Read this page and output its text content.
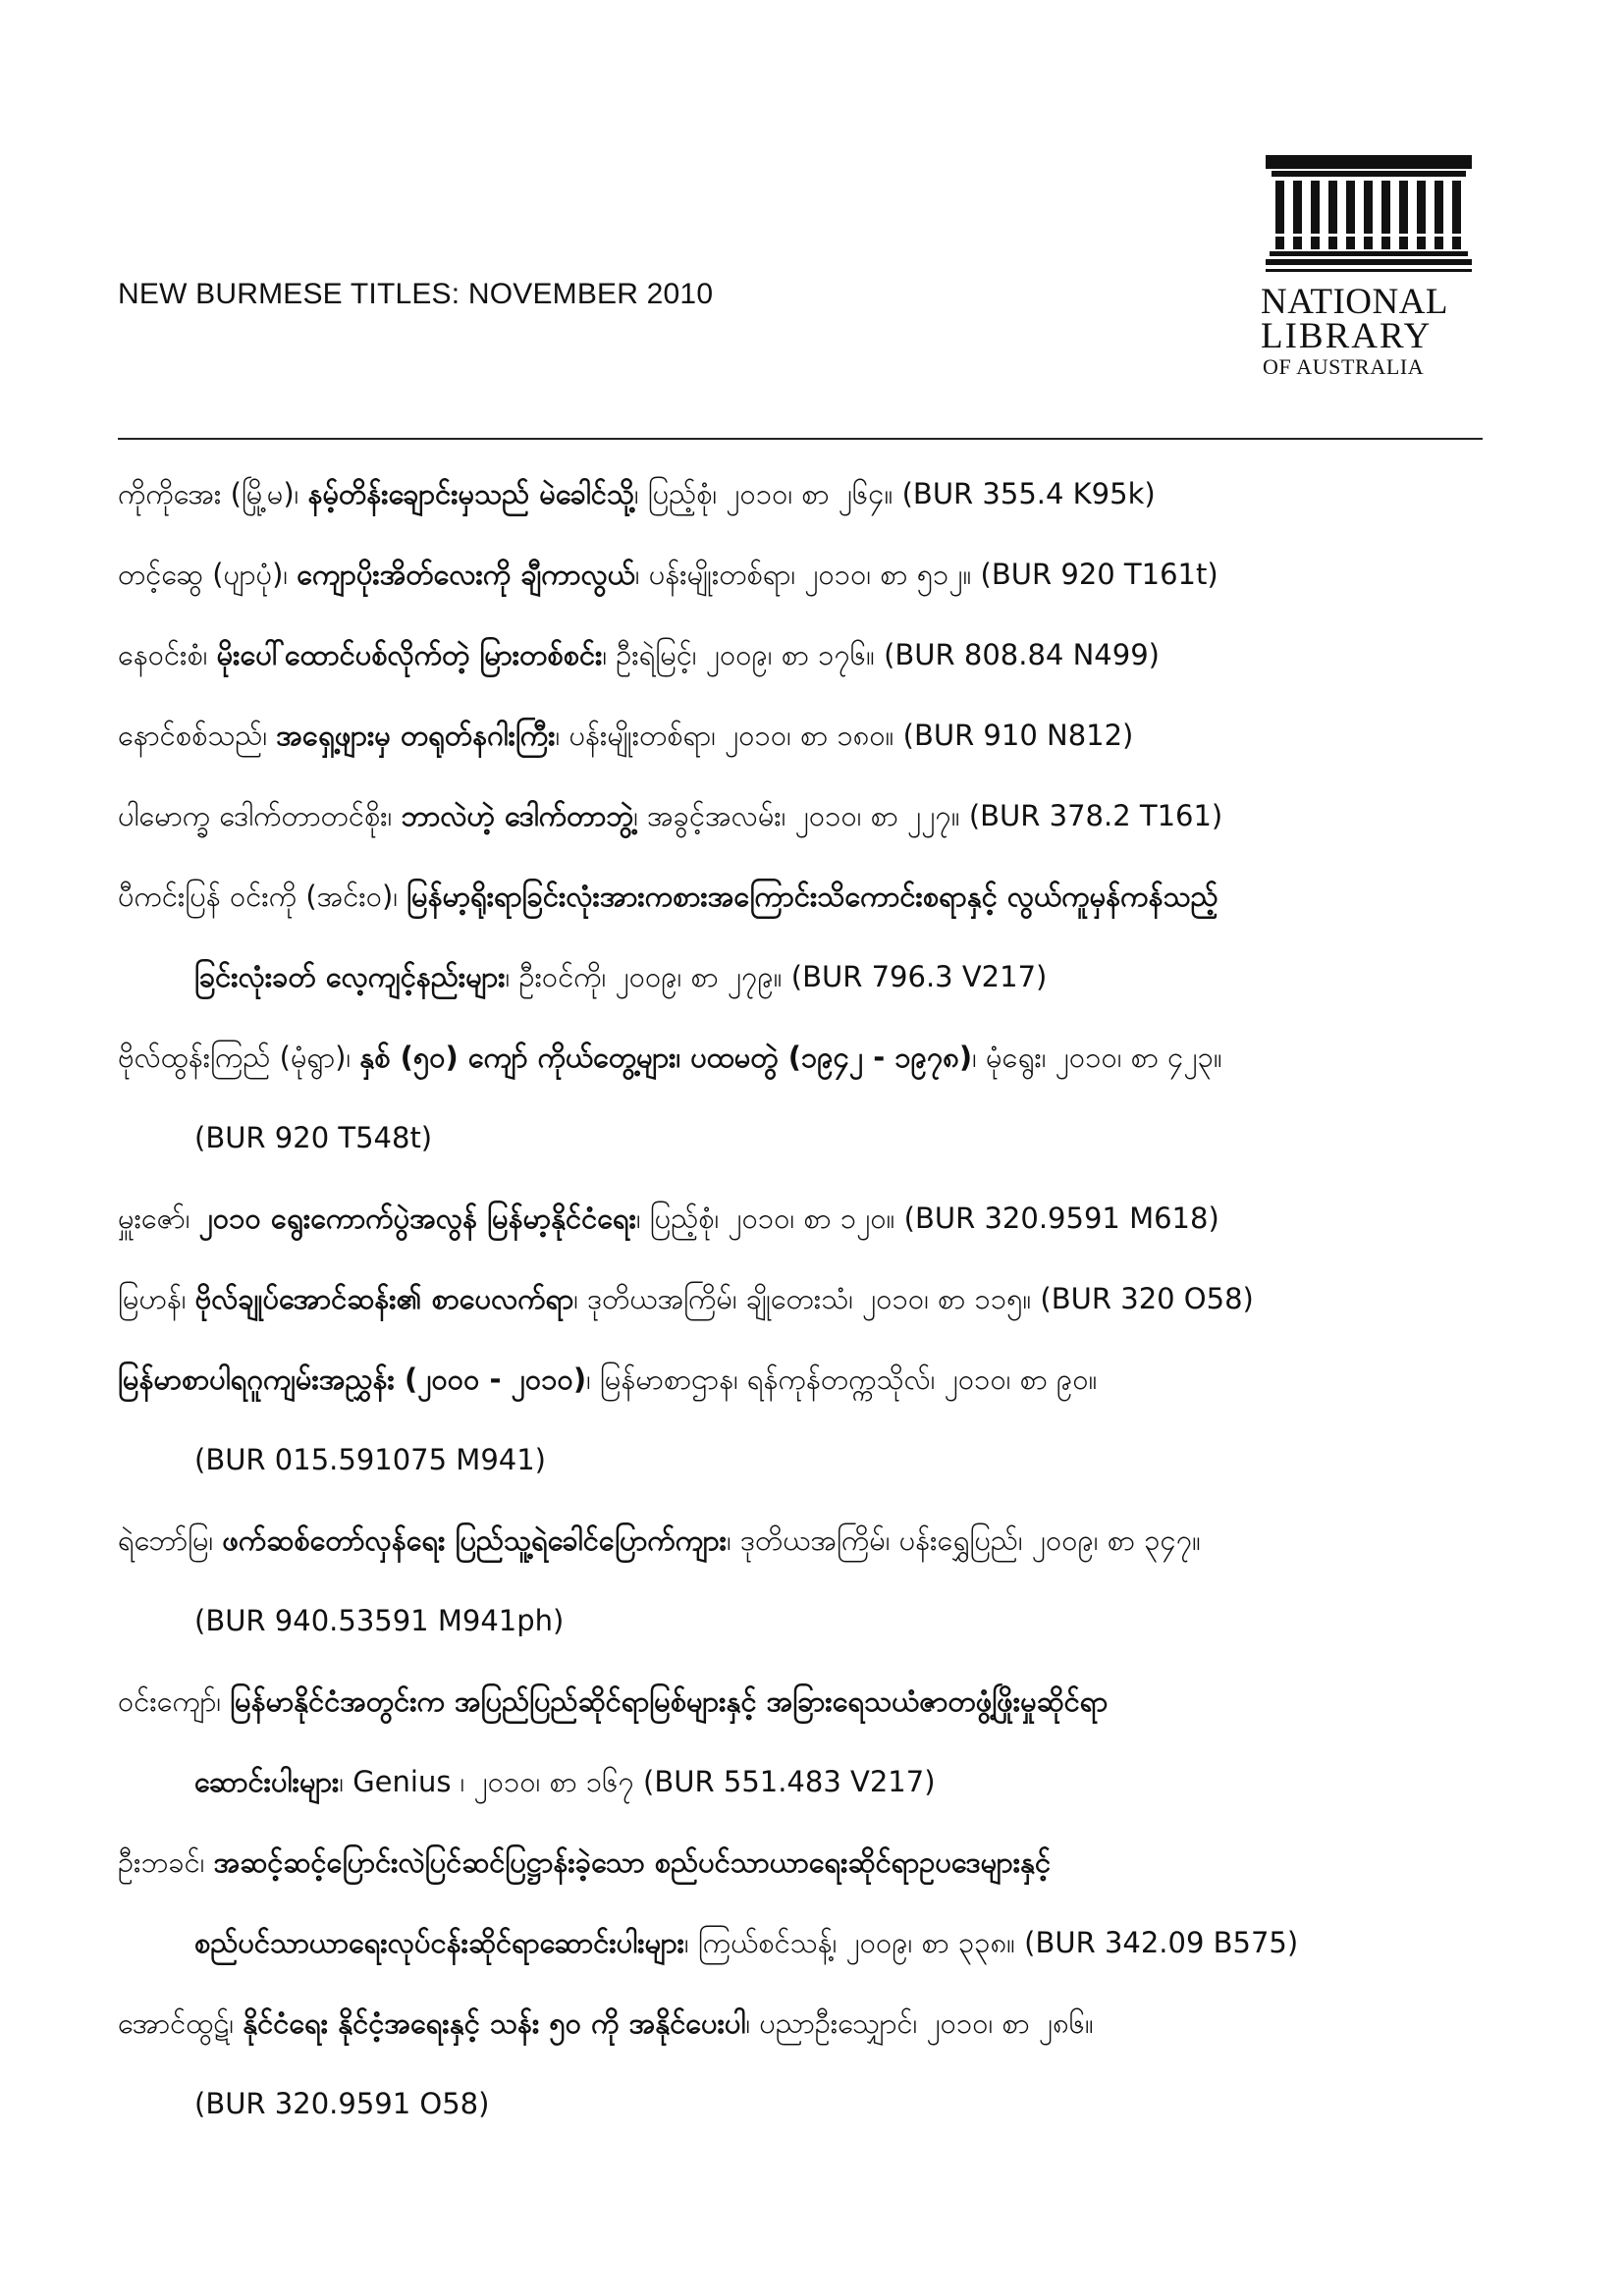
NEW BURMESE TITLES: NOVEMBER 2010	NATIONAL
LIBRARY
OF AUSTRALIA
ကိုကိုအေး (မြို့မ)၊ နမ့်တိန်းချောင်းမှသည် မဲခေါင်သို့၊ ပြည့်စုံ၊ ၂၀၁၀၊ စာ ၂၆၄။ (BUR 355.4 K95k)
တင့်ဆွေ (ပျာပုံ)၊ ကျောပိုးအိတ်လေးကို ချီကာလွယ်၊ ပန်းမျိုးတစ်ရာ၊ ၂၀၁၀၊ စာ ၅၁၂။ (BUR 920 T161t)
နေဝင်းစံ၊ မိုးပေါ်ထောင်ပစ်လိုက်တဲ့ မြားတစ်စင်း၊ ဦးရဲမြင့်၊ ၂၀၀၉၊ စာ ၁၇၆။ (BUR 808.84 N499)
နောင်စစ်သည်၊ အရှေ့ဖျားမှ တရုတ်နဂါးကြီး၊ ပန်းမျိုးတစ်ရာ၊ ၂၀၁၀၊ စာ ၁၈၀။ (BUR 910 N812)
ပါမောက္ခ ဒေါက်တာတင်စိုး၊ ဘာလဲဟဲ့ ဒေါက်တာဘွဲ့၊ အခွင့်အလမ်း၊ ၂၀၁၀၊ စာ ၂၂၇။ (BUR 378.2 T161)
ပီကင်းပြန် ဝင်းကို (အင်း၀)၊ မြန်မာ့ရိုးရာခြင်းလုံးအားကစားအကြောင်းသိကောင်းစရာနှင့် လွယ်ကူမှန်ကန်သည့်
ခြင်းလုံးခတ် လေ့ကျင့်နည်းများ၊ ဦးဝင်ကို၊ ၂၀၀၉၊ စာ ၂၇၉။ (BUR 796.3 V217)
ဗိုလ်ထွန်းကြည် (မုံရွာ)၊ နှစ် (၅၀) ကျော် ကိုယ်တွေ့များ၊ ပထမတွဲ (၁၉၄၂ - ၁၉၇၈)၊ မုံရွေး၊ ၂၀၁၀၊ စာ ၄၂၃။
(BUR 920 T548t)
မှူးဇော်၊ ၂၀၁၀ ရွေးကောက်ပွဲအလွန် မြန်မာ့နိုင်ငံရေး၊ ပြည့်စုံ၊ ၂၀၁၀၊ စာ ၁၂၀။ (BUR 320.9591 M618)
မြဟန်၊ ဗိုလ်ချုပ်အောင်ဆန်း၏ စာပေလက်ရာ၊ ဒုတိယအကြိမ်၊ ချိုတေးသံ၊ ၂၀၁၀၊ စာ ၁၁၅။ (BUR 320 O58)
မြန်မာစာပါရဂူကျမ်းအညွှန်း (၂၀၀၀ - ၂၀၁၀)၊ မြန်မာစာဌာန၊ ရန်ကုန်တက္ကသိုလ်၊ ၂၀၁၀၊ စာ ၉၀။
(BUR 015.591075 M941)
ရဲဘော်မြ၊ ဖက်ဆစ်တော်လှန်ရေး ပြည်သူ့ရဲခေါင်ပြောက်ကျား၊ ဒုတိယအကြိမ်၊ ပန်းရွှေပြည်၊ ၂၀၀၉၊ စာ ၃၄၇။
(BUR 940.53591 M941ph)
ဝင်းကျော်၊ မြန်မာနိုင်ငံအတွင်းက အပြည်ပြည်ဆိုင်ရာမြစ်များနှင့် အခြားရေသယံဇာတဖွံ့ဖြိုးမှုဆိုင်ရာ
ဆောင်းပါးများ၊ Genius ၊ ၂၀၁၀၊ စာ ၁၆၇ (BUR 551.483 V217)
ဦးဘခင်၊ အဆင့်ဆင့်ပြောင်းလဲပြင်ဆင်ပြဋ္ဌာန်းခဲ့သော စည်ပင်သာယာရေးဆိုင်ရာဥပဒေများနှင့်
စည်ပင်သာယာရေးလုပ်ငန်းဆိုင်ရာဆောင်းပါးများ၊ ကြယ်စင်သန့်၊ ၂၀၀၉၊ စာ ၃၃၈။ (BUR 342.09 B575)
အောင်ထွဋ်၊ နိုင်ငံရေး နိုင်ငံ့အရေးနှင့် သန်း ၅၀ ကို အနိုင်ပေးပါ၊ ပညာဦးသျှောင်၊ ၂၀၁၀၊ စာ ၂၈၆။
(BUR 320.9591 O58)
